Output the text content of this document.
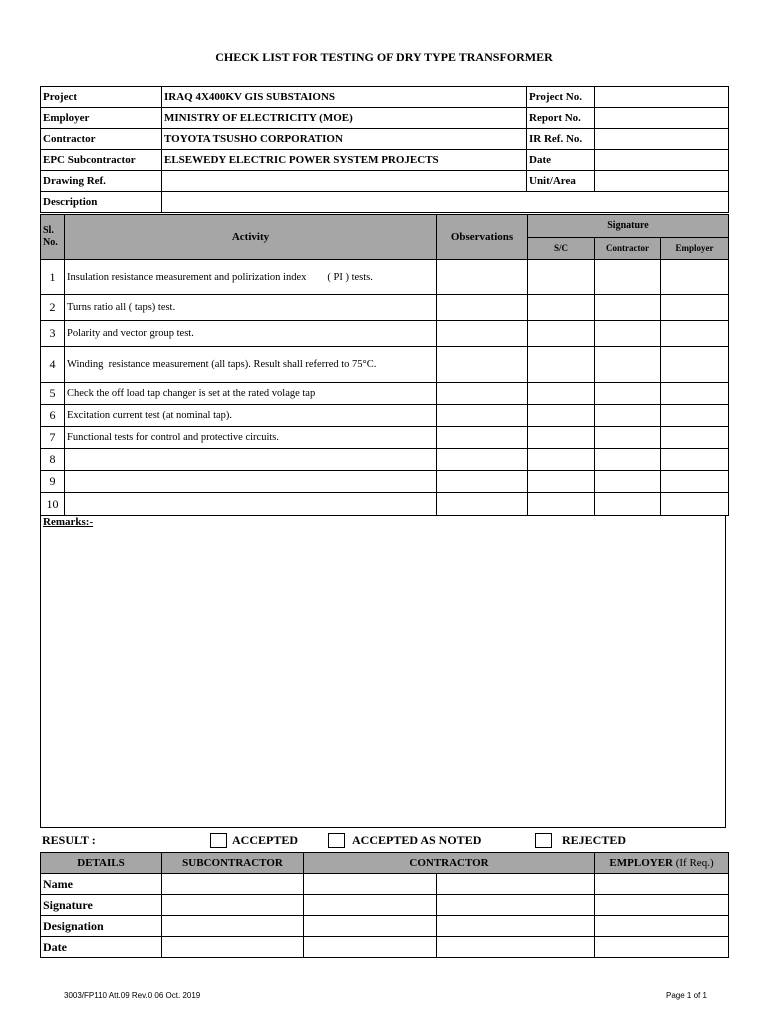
CHECK LIST FOR TESTING OF DRY TYPE TRANSFORMER
Project	IRAQ 4X400KV GIS SUBSTAIONS	Project No.	
Employer	MINISTRY OF ELECTRICITY (MOE)	Report No.	
Contractor	TOYOTA TSUSHO CORPORATION	IR Ref. No.	
EPC Subcontractor	ELSEWEDY ELECTRIC POWER SYSTEM PROJECTS	Date	
Drawing Ref.		Unit/Area	
Description			
Sl. No.	Activity	Observations	Signature		
			S/C	Contractor	Employer
1	Insulation resistance measurement and polirization index        ( PI ) tests.				
2	Turns ratio all ( taps) test.				
3	Polarity and vector group test.				
4	Winding  resistance measurement (all taps). Result shall referred to 75°C.				
5	Check the off load tap changer is set at the rated volage tap				
6	Excitation current test (at nominal tap).				
7	Functional tests for control and protective circuits.				
8					
9					
10					
Remarks:-
RESULT :	ACCEPTED	ACCEPTED AS NOTED	REJECTED
DETAILS	SUBCONTRACTOR	CONTRACTOR		EMPLOYER (If Req.)
Name				
Signature				
Designation				
Date				
3003/FP110 Att.09 Rev.0 06 Oct. 2019	Page 1 of 1
